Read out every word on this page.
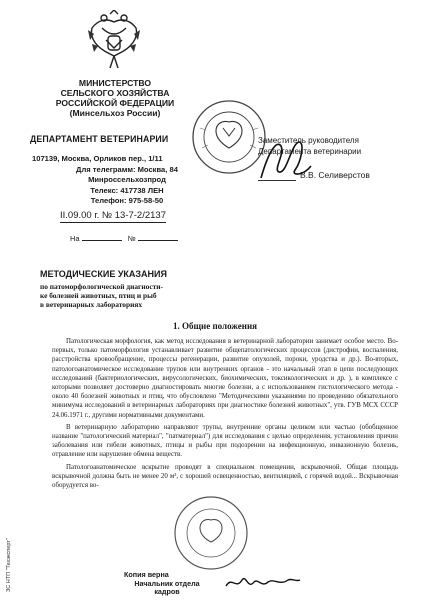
МИНИСТЕРСТВО
СЕЛЬСКОГО ХОЗЯЙСТВА
РОССИЙСКОЙ ФЕДЕРАЦИИ
(Минсельхоз России)
ДЕПАРТАМЕНТ ВЕТЕРИНАРИИ
107139, Москва, Орликов пер., 1/11
Для телеграмм: Москва, 84
Минроссельхозпрод
Телекс: 417738 ЛЕН
Телефон: 975-58-50
II.09.00 г. № 13-7-2/2137
На	№
Заместитель руководителя
Департамента ветеринарии
В.В. Селиверстов
МЕТОДИЧЕСКИЕ УКАЗАНИЯ
по патоморфологической диагности-
ке болезней животных, птиц и рыб
в ветеринарных лабораториях
1. Общие положения

Патологическая морфология, как метод исследования в ветеринарной лаборатории занимает особое место. Во-первых, только патоморфология устанавливает развитие общепатологических процессов (дистрофии, воспаления, расстройства кровообращение, процессы регенерации, развитие опухолей, пороки, уродства и др.). Во-вторых, патологоанатомическое исследование трупов или внутренних органов - это начальный этап в цепи последующих исследований (бактериологических, вирусологических, биохимических, токсикологических и др. ), в комплексе с которыми позволяет достоверно диагностировать многие болезни, а с использованием гистологического метода - около 40 болезней животных и птиц, что обусловлено "Методическими указаниями по проведению обязательного минимума исследований в ветеринарных лабораториях при диагностике болезней животных", утв. ГУВ МСХ СССР 24.06.1971 г., другими нормативными документами.

В ветеринарную лабораторию направляют трупы, внутренние органы целиком или частью (обобщенное название "патологический материал", "патматериал") для исследования с целью определения, установления причин заболевания или гибели животных, птицы и рыбы при подозрении на инфекционную, инвазионную болезнь, отравление или нарушение обмена веществ.

Патологоанатомическое вскрытие проводят в специальном помещении, вскрывочной. Общая площадь вскрывочной должна быть не менее 20 м², с хорошей освещенностью, вентиляцией, с горячей водой... Вскрывочная оборудуется во-

Копия верна
Начальник отдела
кадров
ЗС НТП "Техэксперт"
